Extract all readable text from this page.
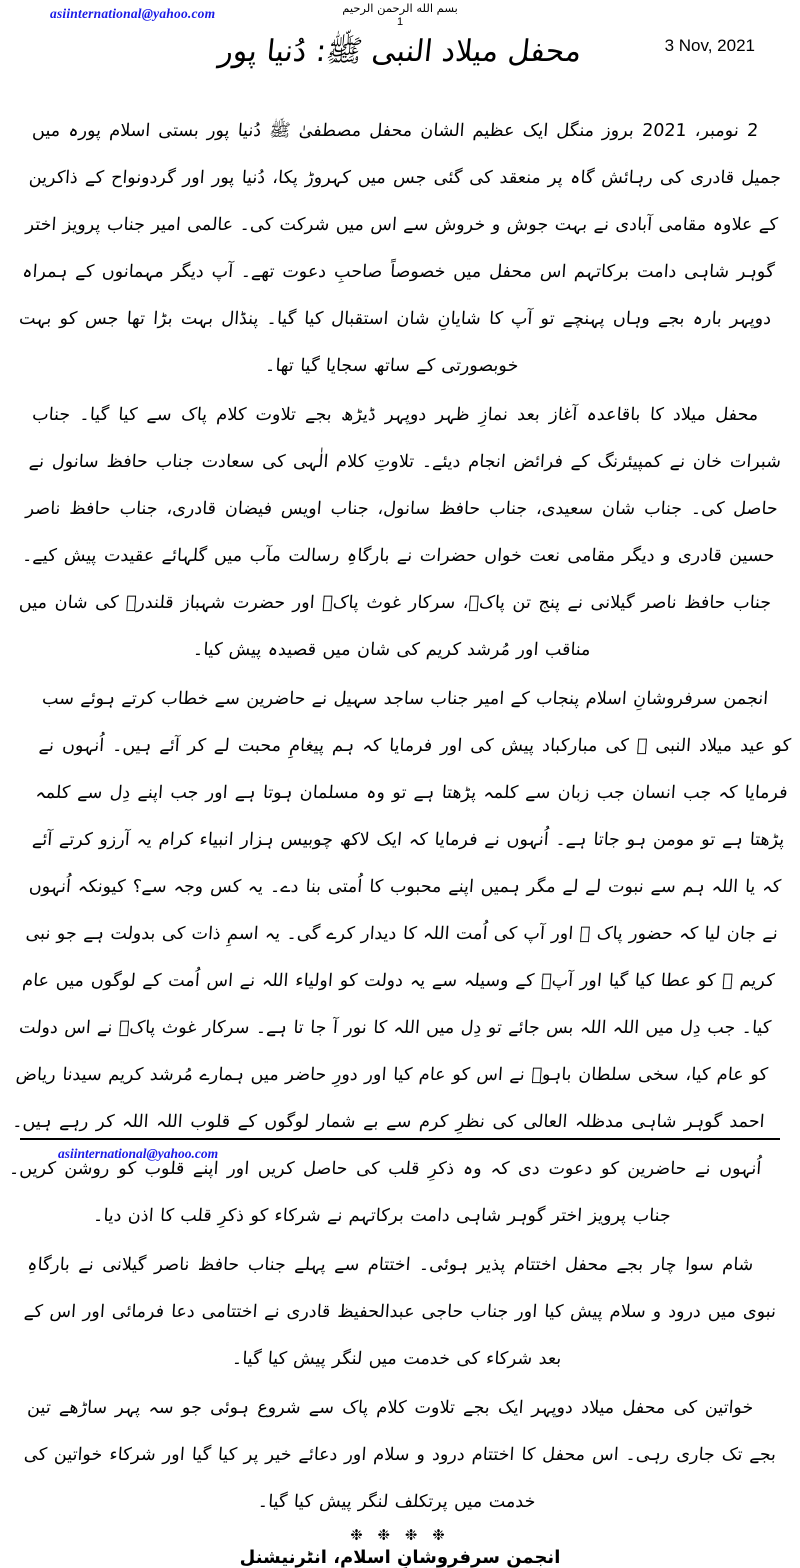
asiinternational@yahoo.com	بسم الله الرحمن الرحيم
1
محفل میلاد النبی ﷺ: دُنیا پور	3 Nov, 2021

2 نومبر، 2021 بروز منگل ایک عظیم الشان محفل مصطفیٰ ﷺ دُنیا پور بستی اسلام پورہ میں جمیل قادری کی رہائش گاہ پر منعقد کی گئی جس میں کہروڑ پکا، دُنیا پور اور گردونواح کے ذاکرین کے علاوہ مقامی آبادی نے بہت جوش و خروش سے اس میں شرکت کی۔ عالمی امیر جناب پرویز اختر گوہر شاہی دامت برکاتہم اس محفل میں خصوصاً صاحبِ دعوت تھے۔ آپ دیگر مہمانوں کے ہمراہ دوپہر بارہ بجے وہاں پہنچے تو آپ کا شایانِ شان استقبال کیا گیا۔ پنڈال بہت بڑا تھا جس کو بہت خوبصورتی کے ساتھ سجایا گیا تھا۔

محفل میلاد کا باقاعدہ آغاز بعد نمازِ ظہر دوپہر ڈیڑھ بجے تلاوت کلام پاک سے کیا گیا۔ جناب شبرات خان نے کمپیئرنگ کے فرائض انجام دیئے۔ تلاوتِ کلام الٰہی کی سعادت جناب حافظ سانول نے حاصل کی۔ جناب شان سعیدی، جناب حافظ سانول، جناب اویس فیضان قادری، جناب حافظ ناصر حسین قادری و دیگر مقامی نعت خواں حضرات نے بارگاہِ رسالت مآب میں گلہائے عقیدت پیش کیے۔ جناب حافظ ناصر گیلانی نے پنج تن پاکؐ، سرکار غوث پاکؓ اور حضرت شہباز قلندرؒ کی شان میں مناقب اور مُرشد کریم کی شان میں قصیدہ پیش کیا۔

انجمن سرفروشانِ اسلام پنجاب کے امیر جناب ساجد سہیل نے حاضرین سے خطاب کرتے ہوئے سب کو عید میلاد النبی ﷺ کی مبارکباد پیش کی اور فرمایا کہ ہم پیغامِ محبت لے کر آئے ہیں۔ اُنہوں نے فرمایا کہ جب انسان جب زبان سے کلمہ پڑھتا ہے تو وہ مسلمان ہوتا ہے اور جب اپنے دِل سے کلمہ پڑھتا ہے تو مومن ہو جاتا ہے۔ اُنہوں نے فرمایا کہ ایک لاکھ چوبیس ہزار انبیاء کرام یہ آرزو کرتے آئے کہ یا اللہ ہم سے نبوت لے لے مگر ہمیں اپنے محبوب کا اُمتی بنا دے۔ یہ کس وجہ سے؟ کیونکہ اُنہوں نے جان لیا کہ حضور پاک ﷺ اور آپ کی اُمت اللہ کا دیدار کرے گی۔ یہ اسمِ ذات کی بدولت ہے جو نبی کریم ﷺ کو عطا کیا گیا اور آپؐ کے وسیلہ سے یہ دولت کو اولیاء اللہ نے اس اُمت کے لوگوں میں عام کیا۔ جب دِل میں اللہ اللہ بس جائے تو دِل میں اللہ کا نور آ جا تا ہے۔ سرکار غوث پاکؓ نے اس دولت کو عام کیا، سخی سلطان باہوؒ نے اس کو عام کیا اور دورِ حاضر میں ہمارے مُرشد کریم سیدنا ریاض احمد گوہر شاہی مدظلہ العالی کی نظرِ کرم سے بے شمار لوگوں کے قلوب اللہ اللہ کر رہے ہیں۔ اُنہوں نے حاضرین کو دعوت دی کہ وہ ذکرِ قلب کی حاصل کریں اور اپنے قلوب کو روشن کریں۔ جناب پرویز اختر گوہر شاہی دامت برکاتہم نے شرکاء کو ذکرِ قلب کا اذن دیا۔

شام سوا چار بجے محفل اختتام پذیر ہوئی۔ اختتام سے پہلے جناب حافظ ناصر گیلانی نے بارگاہِ نبوی میں درود و سلام پیش کیا اور جناب حاجی عبدالحفیظ قادری نے اختتامی دعا فرمائی اور اس کے بعد شرکاء کی خدمت میں لنگر پیش کیا گیا۔

خواتین کی محفل میلاد دوپہر ایک بجے تلاوت کلام پاک سے شروع ہوئی جو سہ پہر ساڑھے تین بجے تک جاری رہی۔ اس محفل کا اختتام درود و سلام اور دعائے خیر پر کیا گیا اور شرکاء خواتین کی خدمت میں پرتکلف لنگر پیش کیا گیا۔

❉ ❉ ❉ ❉
انجمن سرفروشانِ اسلام، انٹرنیشنل
asiinternational@yahoo.com
